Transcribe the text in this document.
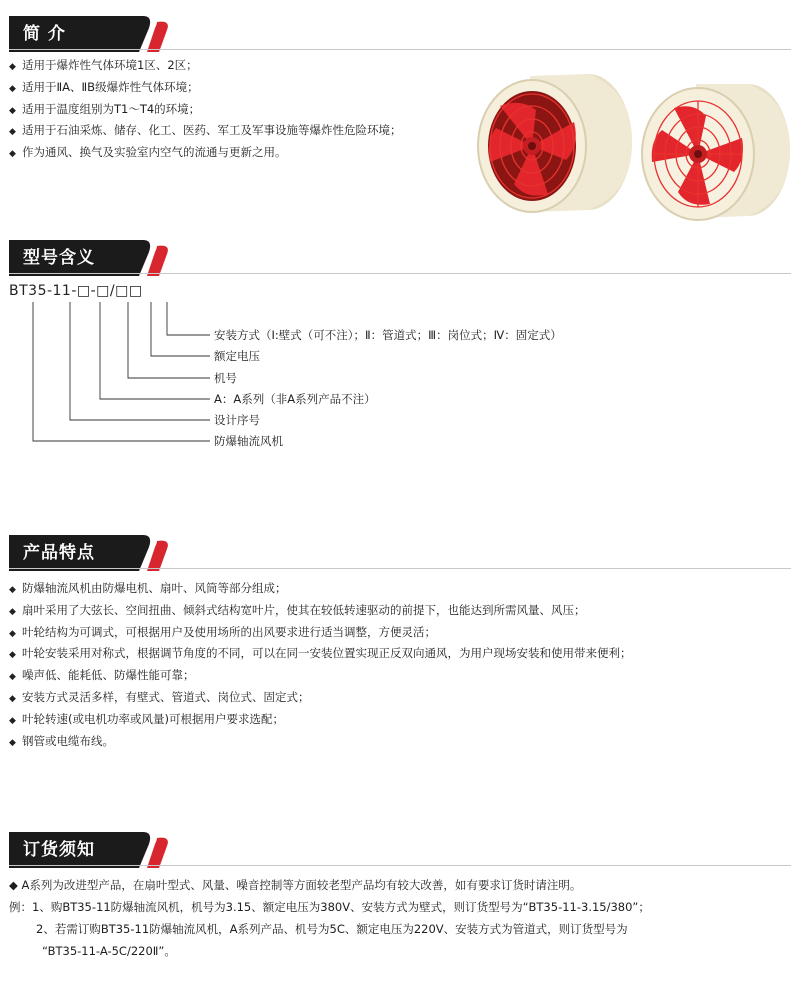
简 介
◆ 适用于爆炸性气体环境1区、2区；
◆ 适用于ⅡA、ⅡB级爆炸性气体环境；
◆ 适用于温度组别为T1～T4的环境；
◆ 适用于石油采炼、储存、化工、医药、军工及军事设施等爆炸性危险环境；
◆ 作为通风、换气及实验室内空气的流通与更新之用。
型号含义
BT35-11-□-□/□□
安装方式（Ⅰ:壁式（可不注）；Ⅱ：管道式；Ⅲ：岗位式；Ⅳ：固定式）
额定电压
机号
A：A系列（非A系列产品不注）
设计序号
防爆轴流风机
产品特点
◆ 防爆轴流风机由防爆电机、扇叶、风筒等部分组成；
◆ 扇叶采用了大弦长、空间扭曲、倾斜式结构宽叶片，使其在较低转速驱动的前提下，也能达到所需风量、风压；
◆ 叶轮结构为可调式，可根据用户及使用场所的出风要求进行适当调整，方便灵活；
◆ 叶轮安装采用对称式，根据调节角度的不同，可以在同一安装位置实现正反双向通风，为用户现场安装和使用带来便利；
◆ 噪声低、能耗低、防爆性能可靠；
◆ 安装方式灵活多样，有壁式、管道式、岗位式、固定式；
◆ 叶轮转速(或电机功率或风量)可根据用户要求选配；
◆ 钢管或电缆布线。
订货须知
◆ A系列为改进型产品，在扇叶型式、风量、噪音控制等方面较老型产品均有较大改善，如有要求订货时请注明。
例：1、购BT35-11防爆轴流风机，机号为3.15、额定电压为380V、安装方式为壁式，则订货型号为“BT35-11-3.15/380”；
2、若需订购BT35-11防爆轴流风机，A系列产品、机号为5C、额定电压为220V、安装方式为管道式，则订货型号为
“BT35-11-A-5C/220Ⅱ”。
